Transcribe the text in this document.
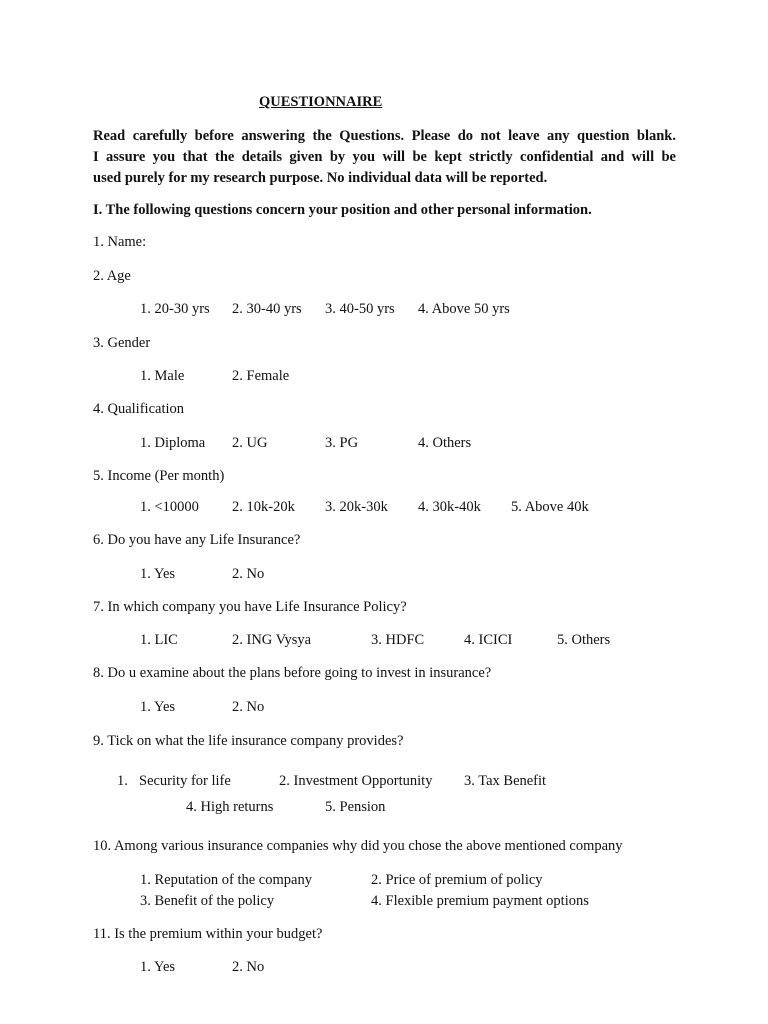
QUESTIONNAIRE
Read carefully before answering the Questions. Please do not leave any question blank.
I assure you that the details given by you will be kept strictly confidential and will be
used purely for my research purpose. No individual data will be reported.
I. The following questions concern your position and other personal information.
1. Name:
2. Age
1. 20-30 yrs 2. 30-40 yrs 3. 40-50 yrs 4. Above 50 yrs
3. Gender
1. Male	2. Female
4. Qualification
1. Diploma 2. UG	3. PG	4. Others
5. Income (Per month)
1. <10000 2. 10k-20k 3. 20k-30k 4. 30k-40k 5. Above 40k
6. Do you have any Life Insurance?
1. Yes	2. No
7. In which company you have Life Insurance Policy?
1. LIC	2. ING Vysya	3. HDFC	4. ICICI	5. Others
8. Do u examine about the plans before going to invest in insurance?
1. Yes	2. No
9. Tick on what the life insurance company provides?
1. Security for life	2. Investment Opportunity 3. Tax Benefit
4. High returns	5. Pension
10. Among various insurance companies why did you chose the above mentioned company
1. Reputation of the company	2. Price of premium of policy
3. Benefit of the policy	4. Flexible premium payment options
11. Is the premium within your budget?
1. Yes	2. No
